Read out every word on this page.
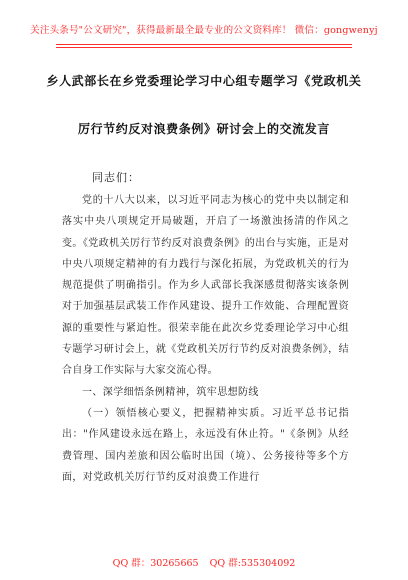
关注头条号"公文研究"，获得最新最全最专业的公文资料库！ 微信：gongwenyj
乡人武部长在乡党委理论学习中心组专题学习《党政机关
厉行节约反对浪费条例》研讨会上的交流发言
同志们：

党的十八大以来，以习近平同志为核心的党中央以制定和落实中央八项规定开局破题，开启了一场激浊扬清的作风之变。《党政机关厉行节约反对浪费条例》的出台与实施，正是对中央八项规定精神的有力践行与深化拓展，为党政机关的行为规范提供了明确指引。作为乡人武部长我深感贯彻落实该条例对于加强基层武装工作作风建设、提升工作效能、合理配置资源的重要性与紧迫性。很荣幸能在此次乡党委理论学习中心组专题学习研讨会上，就《党政机关厉行节约反对浪费条例》，结合自身工作实际与大家交流心得。

一、深学细悟条例精神，筑牢思想防线

（一）领悟核心要义，把握精神实质。习近平总书记指出："作风建设永远在路上，永远没有休止符。"《条例》从经费管理、国内差旅和因公临时出国（境）、公务接待等多个方面，对党政机关厉行节约反对浪费工作进行

QQ 群：30265665 QQ 群:535304092
